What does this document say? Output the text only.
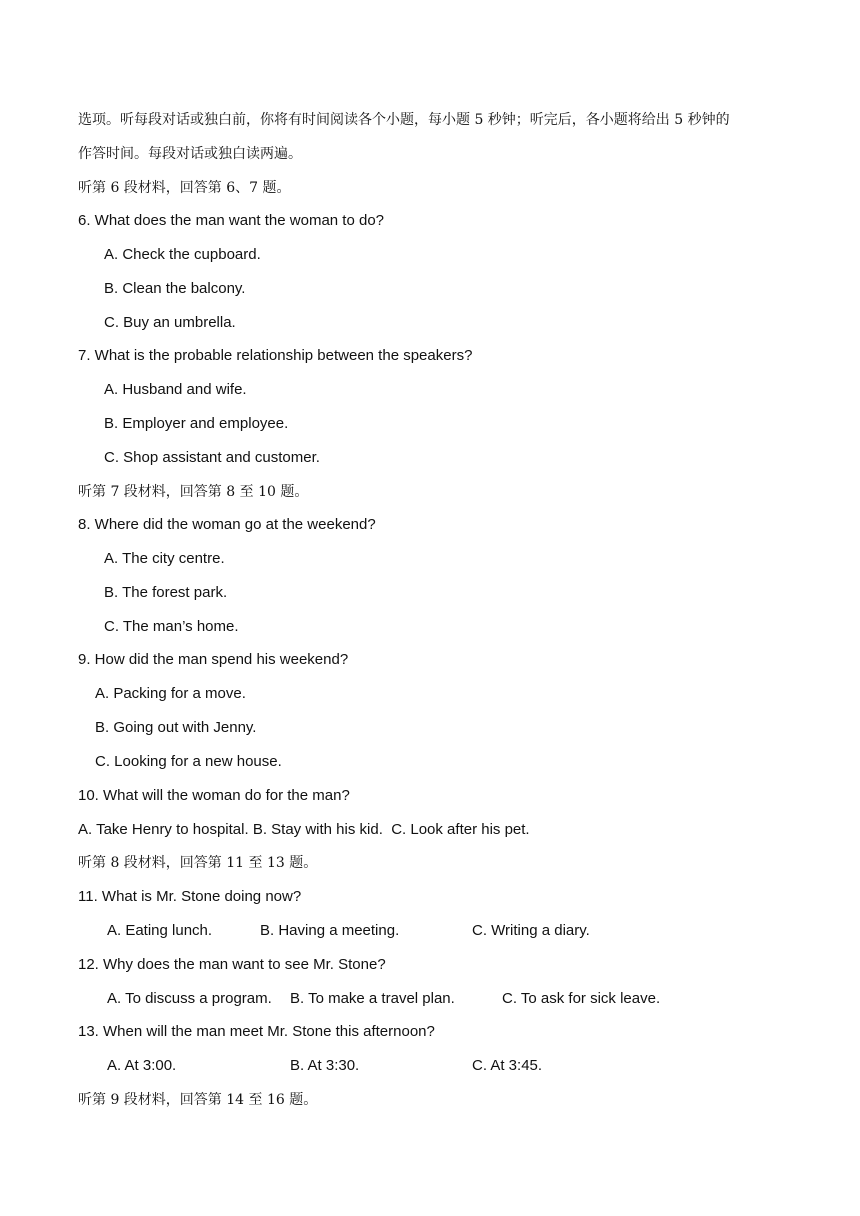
选项。听每段对话或独白前，你将有时间阅读各个小题，每小题 5 秒钟；听完后，各小题将给出 5 秒钟的
作答时间。每段对话或独白读两遍。
听第 6 段材料，回答第 6、7 题。
6. What does the man want the woman to do?
A. Check the cupboard.
B. Clean the balcony.
C. Buy an umbrella.
7. What is the probable relationship between the speakers?
A. Husband and wife.
B. Employer and employee.
C. Shop assistant and customer.
听第 7 段材料，回答第 8 至 10 题。
8. Where did the woman go at the weekend?
A. The city centre.
B. The forest park.
C. The man’s home.
9. How did the man spend his weekend?
A. Packing for a move.
B. Going out with Jenny.
C. Looking for a new house.
10. What will the woman do for the man?
A. Take Henry to hospital. B. Stay with his kid.  C. Look after his pet.
听第 8 段材料，回答第 11 至 13 题。
11. What is Mr. Stone doing now?
A. Eating lunch.	B. Having a meeting.	C. Writing a diary.
12. Why does the man want to see Mr. Stone?
A. To discuss a program. B. To make a travel plan.	C. To ask for sick leave.
13. When will the man meet Mr. Stone this afternoon?
A. At 3:00.	B. At 3:30.	C. At 3:45.
听第 9 段材料，回答第 14 至 16 题。
